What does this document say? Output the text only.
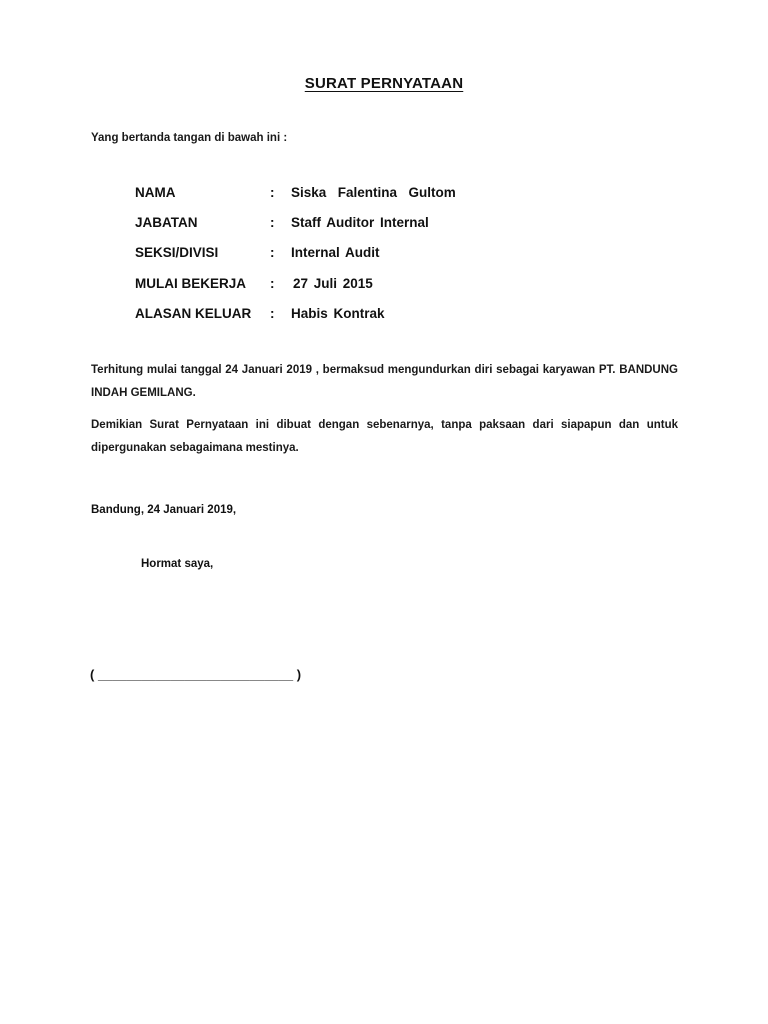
SURAT PERNYATAAN
Yang bertanda tangan di bawah ini :
NAMA	: Siska  Falentina  Gultom
JABATAN	: Staff Auditor Internal
SEKSI/DIVISI	: Internal Audit
MULAI BEKERJA : 27 Juli 2015
ALASAN KELUAR : Habis Kontrak
Terhitung mulai tanggal 24 Januari 2019 , bermaksud mengundurkan diri sebagai karyawan PT. BANDUNG INDAH GEMILANG.
Demikian Surat Pernyataan ini dibuat dengan sebenarnya, tanpa paksaan dari siapapun dan untuk dipergunakan sebagaimana mestinya.
Bandung, 24 Januari 2019,
Hormat saya,
( ___________________________ )
